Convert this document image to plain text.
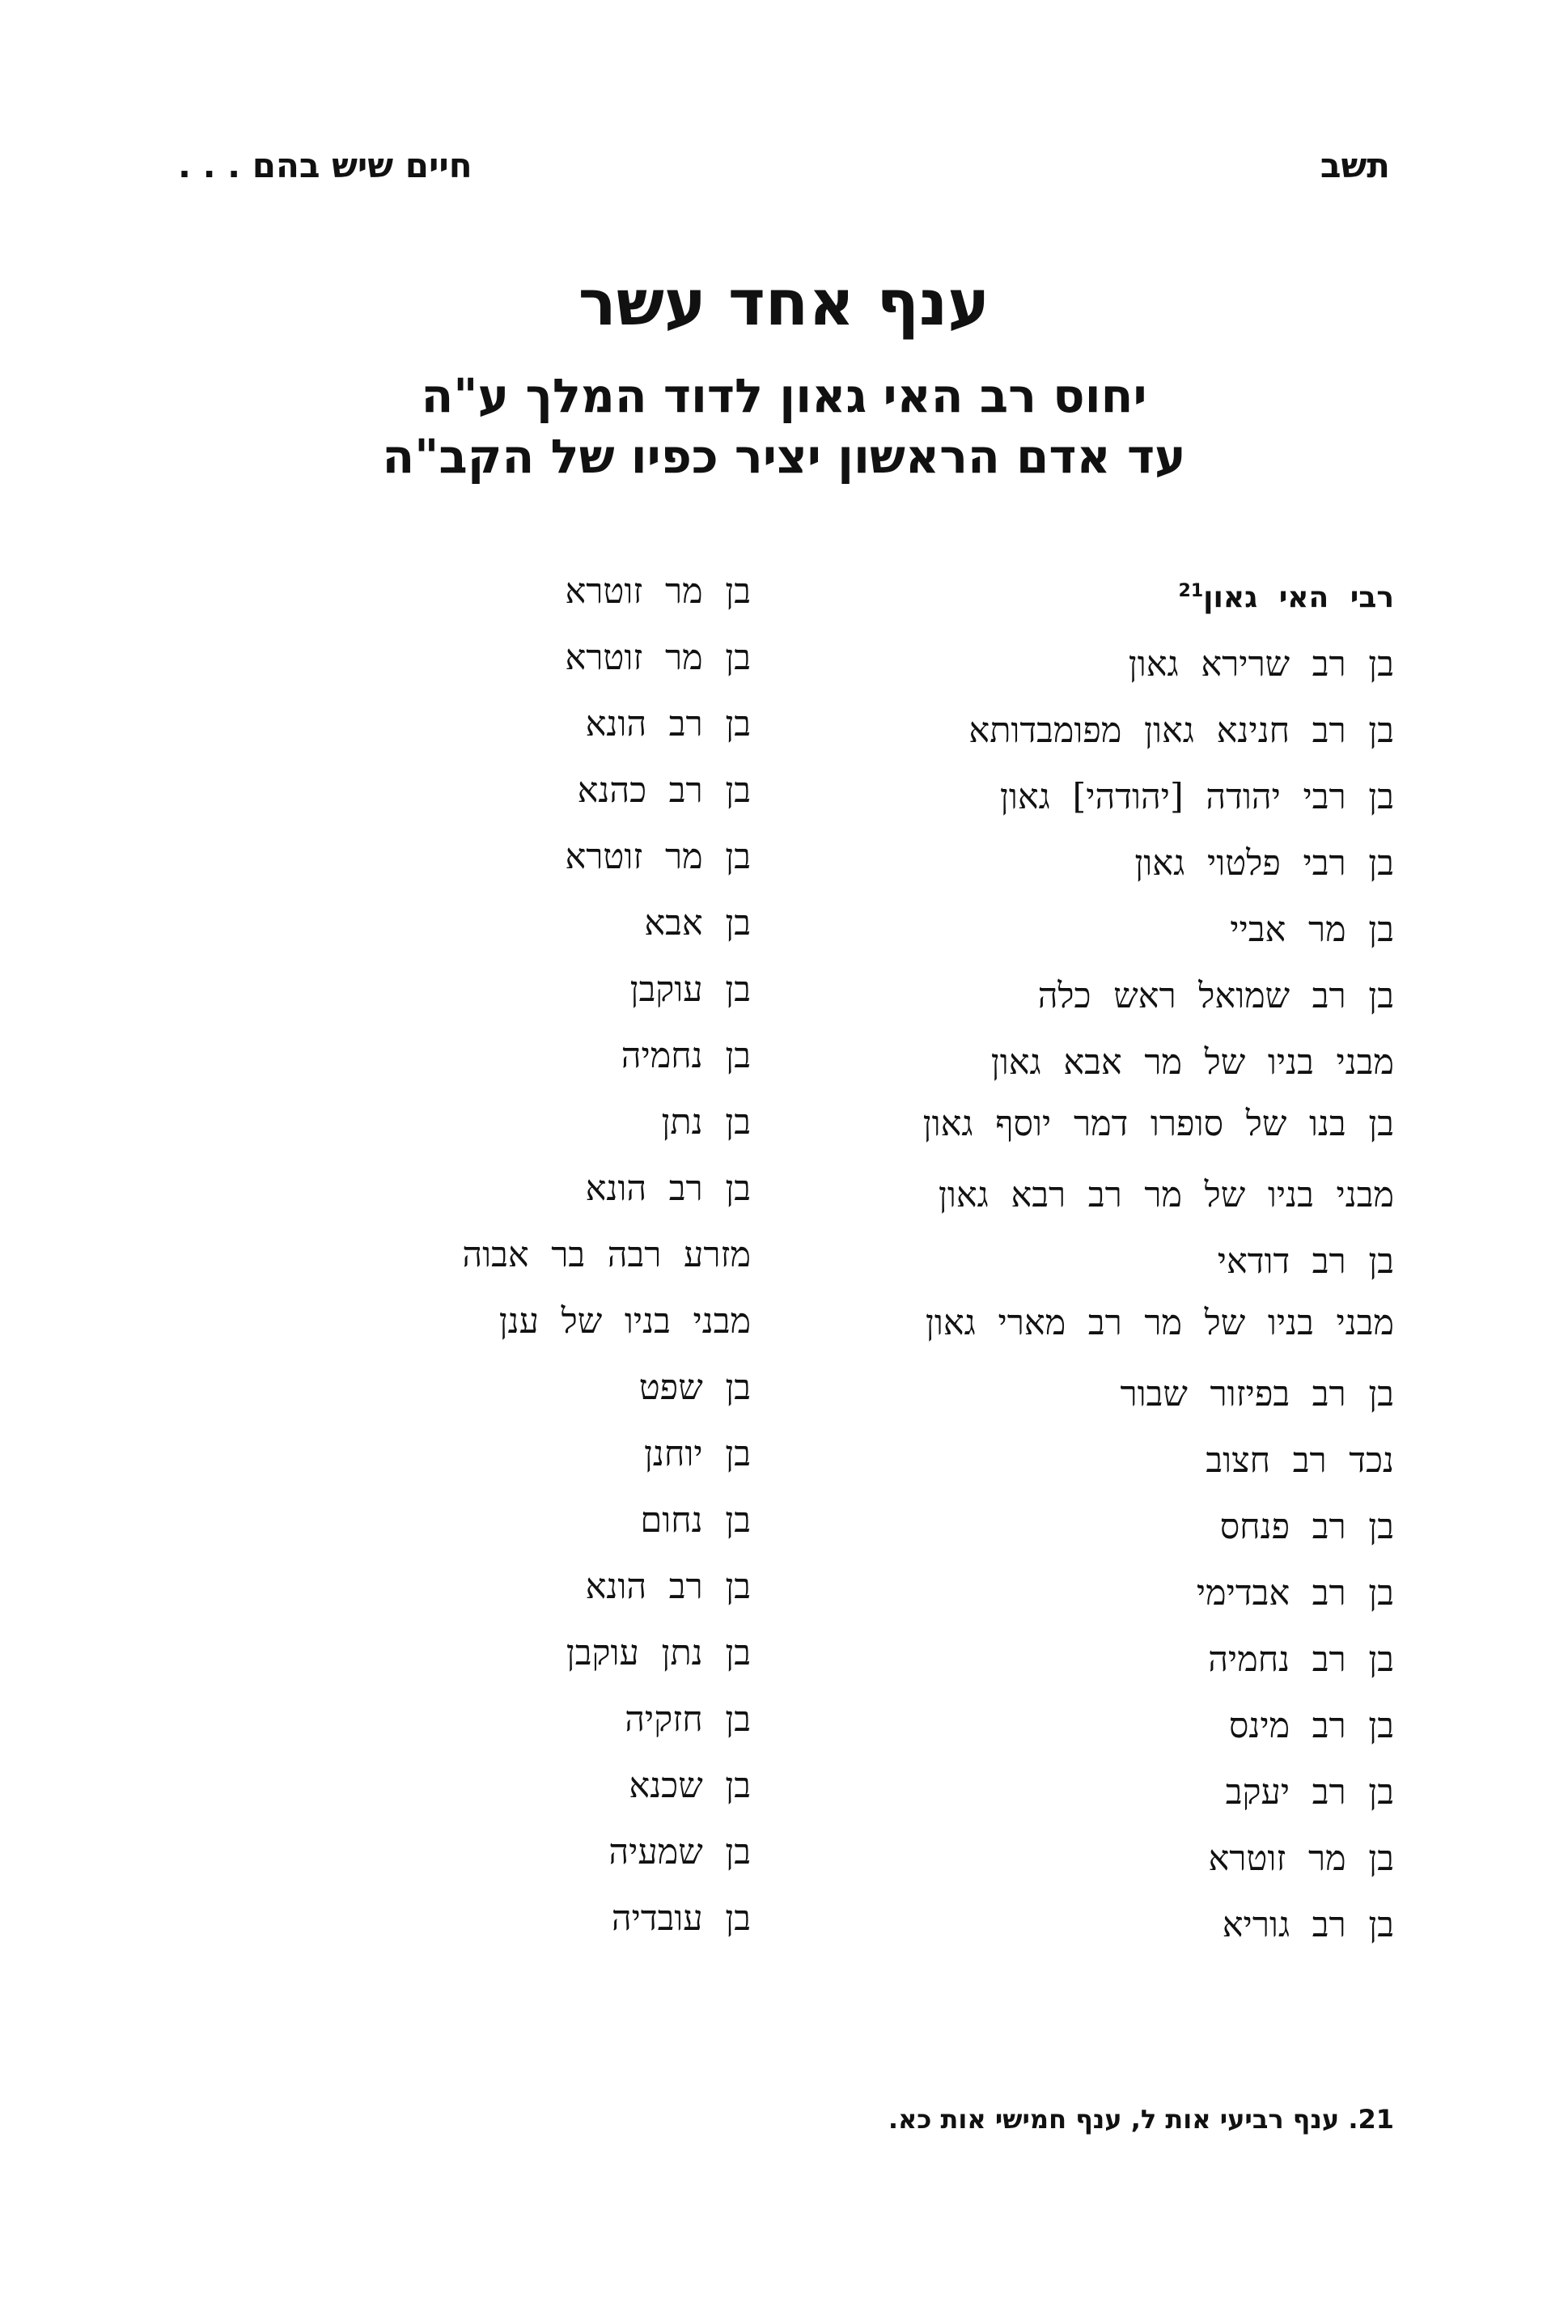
תשב
חיים שיש בהם . . .
ענף אחד עשר
יחוס רב האי גאון לדוד המלך ע"ה
עד אדם הראשון יציר כפיו של הקב"ה
רבי האי גאון$^{21}$
בן רב שרירא גאון
בן רב חנינא גאון מפומבדותא
בן רבי יהודה [יהודהי] גאון
בן רבי פלטוי גאון
בן מר אביי
בן רב שמואל ראש כלה
מבני בניו של מר אבא גאון
בן בנו של סופרו דמר יוסף גאון
מבני בניו של מר רב רבא גאון
בן רב דודאי
מבני בניו של מר רב מארי גאון
בן רב בפיזור שבור
נכד רב חצוב
בן רב פנחס
בן רב אבדימי
בן רב נחמיה
בן רב מינס
בן רב יעקב
בן מר זוטרא
בן רב גוריא
בן מר זוטרא
בן מר זוטרא
בן רב הונא
בן רב כהנא
בן מר זוטרא
בן אבא
בן עוקבן
בן נחמיה
בן נתן
בן רב הונא
מזרע רבה בר אבוה
מבני בניו של ענן
בן שפט
בן יוחנן
בן נחום
בן רב הונא
בן נתן עוקבן
בן חזקיה
בן שכנא
בן שמעיה
בן עובדיה
21. ענף רביעי אות ל, ענף חמישי אות כא.
